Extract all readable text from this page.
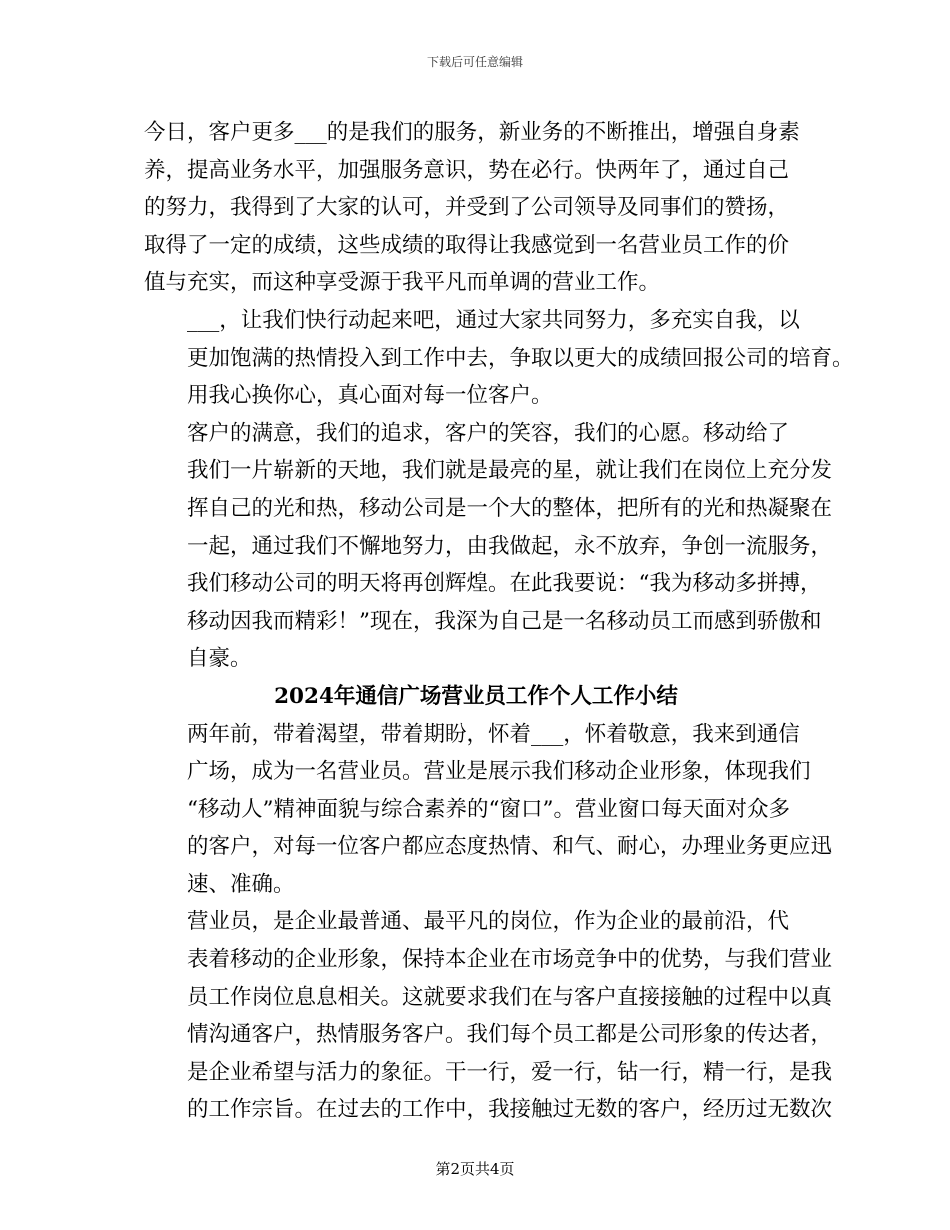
下载后可任意编辑

今日，客户更多___的是我们的服务，新业务的不断推出，增强自身素
养，提高业务水平，加强服务意识，势在必行。快两年了，通过自己
的努力，我得到了大家的认可，并受到了公司领导及同事们的赞扬，
取得了一定的成绩，这些成绩的取得让我感觉到一名营业员工作的价
值与充实，而这种享受源于我平凡而单调的营业工作。

___，让我们快行动起来吧，通过大家共同努力，多充实自我，以
更加饱满的热情投入到工作中去，争取以更大的成绩回报公司的培育。
用我心换你心，真心面对每一位客户。

客户的满意，我们的追求，客户的笑容，我们的心愿。移动给了
我们一片崭新的天地，我们就是最亮的星，就让我们在岗位上充分发
挥自己的光和热，移动公司是一个大的整体，把所有的光和热凝聚在
一起，通过我们不懈地努力，由我做起，永不放弃，争创一流服务，
我们移动公司的明天将再创辉煌。在此我要说：“我为移动多拼搏，
移动因我而精彩！”现在，我深为自己是一名移动员工而感到骄傲和
自豪。

2024年通信广场营业员工作个人工作小结

两年前，带着渴望，带着期盼，怀着___，怀着敬意，我来到通信
广场，成为一名营业员。营业是展示我们移动企业形象，体现我们
“移动人”精神面貌与综合素养的“窗口”。营业窗口每天面对众多
的客户，对每一位客户都应态度热情、和气、耐心，办理业务更应迅
速、准确。

营业员，是企业最普通、最平凡的岗位，作为企业的最前沿，代
表着移动的企业形象，保持本企业在市场竞争中的优势，与我们营业
员工作岗位息息相关。这就要求我们在与客户直接接触的过程中以真
情沟通客户，热情服务客户。我们每个员工都是公司形象的传达者，
是企业希望与活力的象征。干一行，爱一行，钻一行，精一行，是我
的工作宗旨。在过去的工作中，我接触过无数的客户，经历过无数次

第2页共4页
